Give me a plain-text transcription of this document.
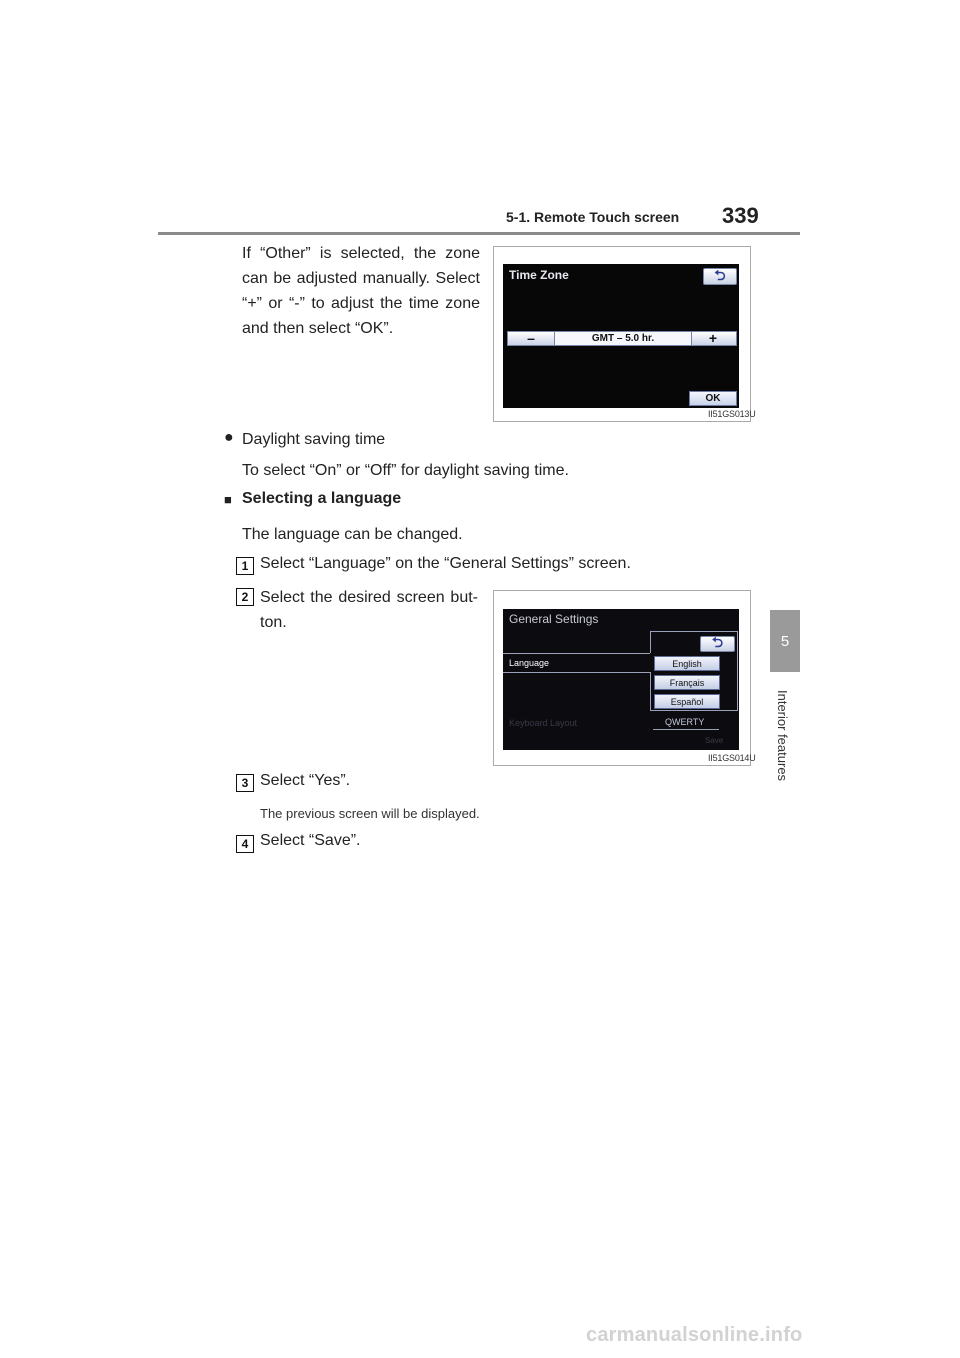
5-1. Remote Touch screen 339
5
Interior features
If “Other” is selected, the zone
can be adjusted manually. Select
“+” or “-” to adjust the time zone
and then select “OK”.
Time Zone	⮌
–	GMT – 5.0 hr.	+
OK
II51GS013U
● Daylight saving time
To select “On” or “Off” for daylight saving time.
■ Selecting a language
The language can be changed.
1 Select “Language” on the “General Settings” screen.
2 Select the desired screen but-
ton.	General Settings
⮌
Language
Keyboard Layout
English
Français
Español
QWERTY
Save
II51GS014U
3 Select “Yes”.
The previous screen will be displayed.
4 Select “Save”.
carmanualsonline.info
